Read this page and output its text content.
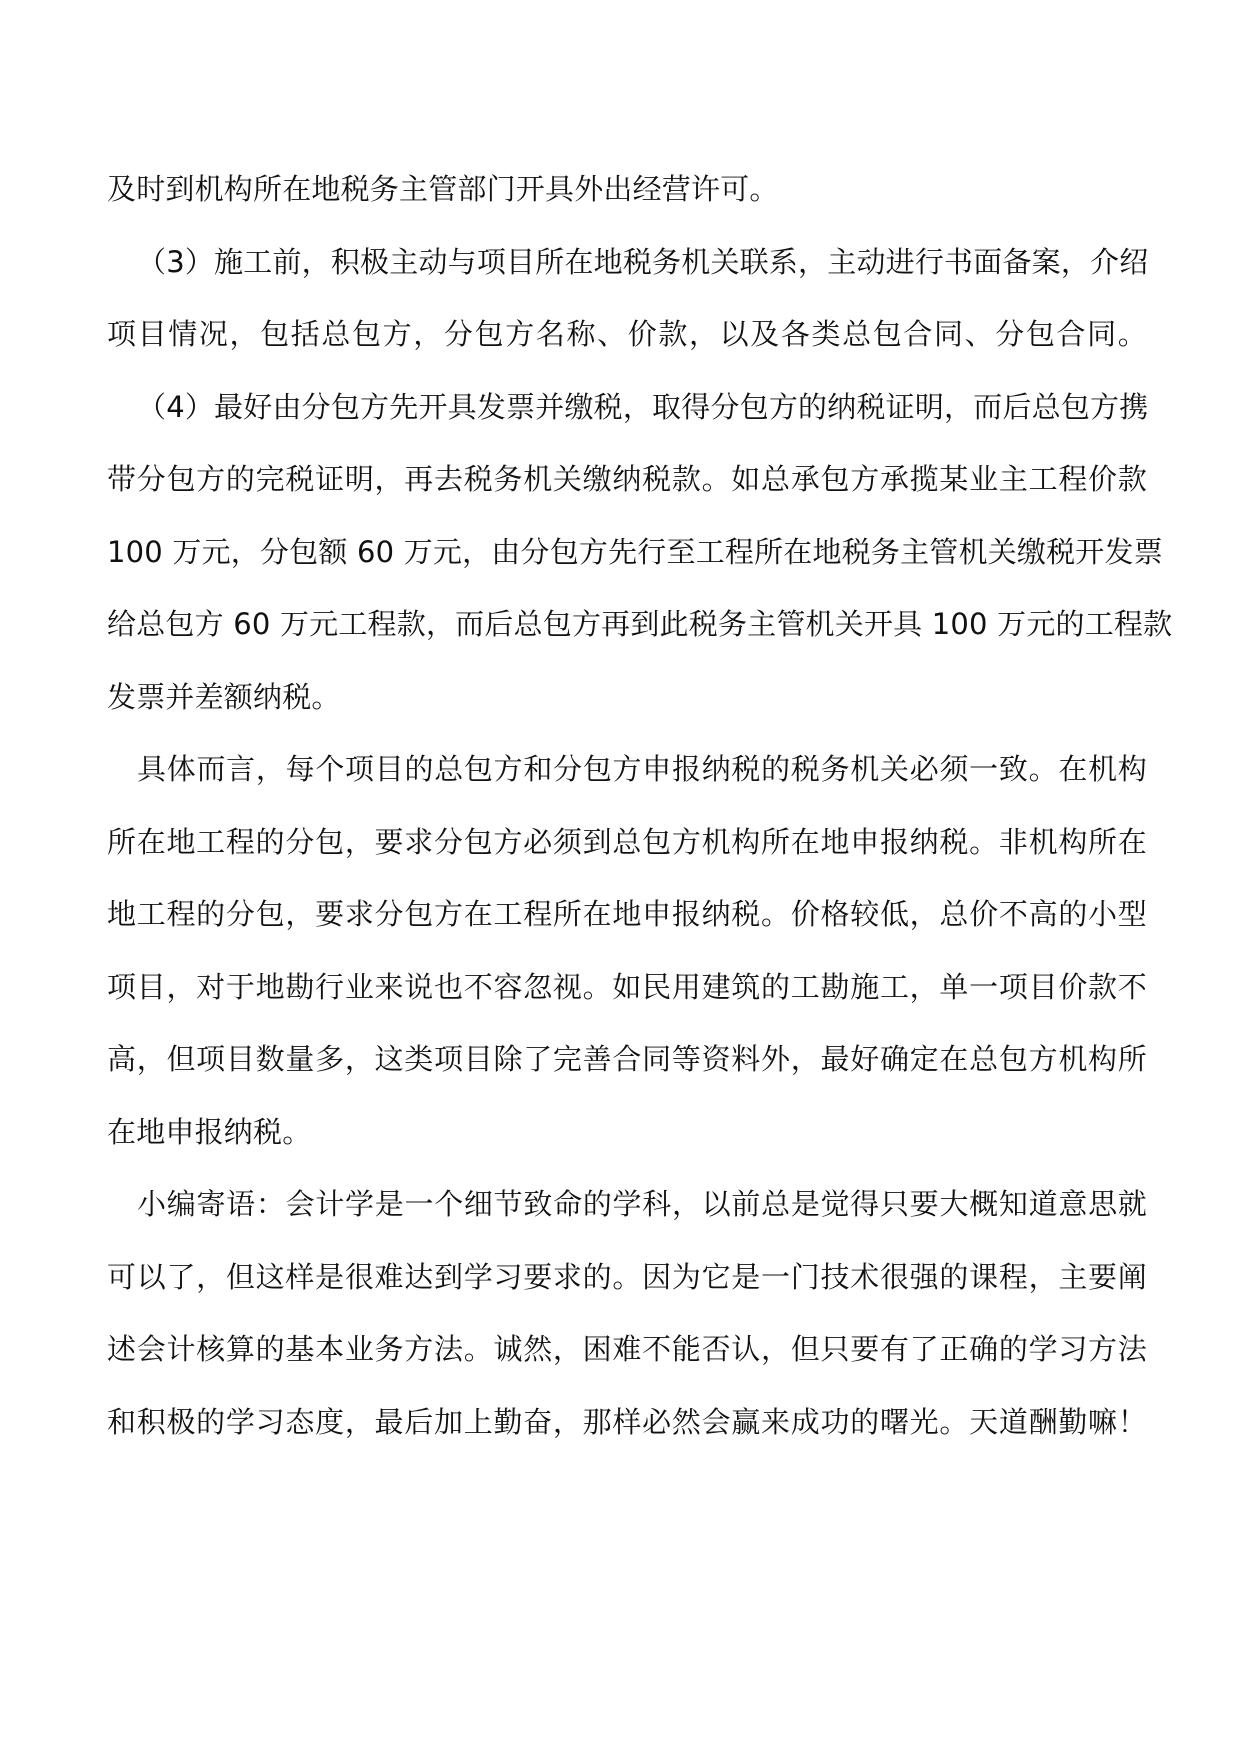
及时到机构所在地税务主管部门开具外出经营许可。
（3）施工前，积极主动与项目所在地税务机关联系，主动进行书面备案，介绍
项目情况，包括总包方，分包方名称、价款，以及各类总包合同、分包合同。
（4）最好由分包方先开具发票并缴税，取得分包方的纳税证明，而后总包方携
带分包方的完税证明，再去税务机关缴纳税款。如总承包方承揽某业主工程价款
100 万元，分包额 60 万元，由分包方先行至工程所在地税务主管机关缴税开发票
给总包方 60 万元工程款，而后总包方再到此税务主管机关开具 100 万元的工程款
发票并差额纳税。
具体而言，每个项目的总包方和分包方申报纳税的税务机关必须一致。在机构
所在地工程的分包，要求分包方必须到总包方机构所在地申报纳税。非机构所在
地工程的分包，要求分包方在工程所在地申报纳税。价格较低，总价不高的小型
项目，对于地勘行业来说也不容忽视。如民用建筑的工勘施工，单一项目价款不
高，但项目数量多，这类项目除了完善合同等资料外，最好确定在总包方机构所
在地申报纳税。
小编寄语：会计学是一个细节致命的学科，以前总是觉得只要大概知道意思就
可以了，但这样是很难达到学习要求的。因为它是一门技术很强的课程，主要阐
述会计核算的基本业务方法。诚然，困难不能否认，但只要有了正确的学习方法
和积极的学习态度，最后加上勤奋，那样必然会赢来成功的曙光。天道酬勤嘛！
